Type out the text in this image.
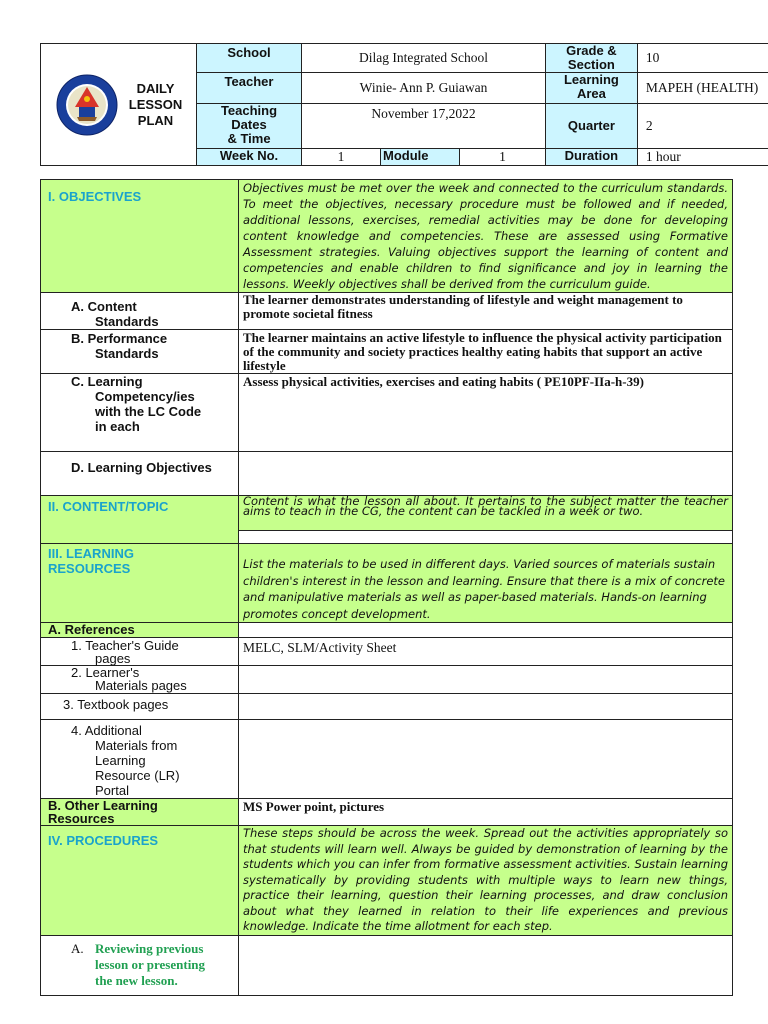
DAILY
LESSON
PLAN	School	Dilag Integrated School			Grade & Section	10

	Teacher	Winie- Ann P. Guiawan			Learning Area	MAPEH (HEALTH)

	Teaching
Dates
& Time	November 17,2022			Quarter	2
	Week No.	1	Module	1	Duration	1 hour
I. OBJECTIVES	Objectives must be met over the week and connected to the curriculum standards. To meet the objectives, necessary procedure must be followed and if needed, additional lessons, exercises, remedial activities may be done for developing content knowledge and competencies. These are assessed using Formative Assessment strategies. Valuing objectives support the learning of content and competencies and enable children to find significance and joy in learning the lessons. Weekly objectives shall be derived from the curriculum guide.

A. Content
Standards	The learner demonstrates understanding of lifestyle and weight management to promote societal fitness

B. Performance
Standards	The learner maintains an active lifestyle to influence the physical activity participation of the community and society practices healthy eating habits that support an active lifestyle

C. Learning
Competency/ies
with the LC Code
in each	Assess physical activities, exercises and eating habits ( PE10PF-IIa-h-39)

D. Learning Objectives	

II. CONTENT/TOPIC	Content is what the lesson all about. It pertains to the subject matter the teacher aims to teach in the CG, the content can be tackled in a week or two.

III. LEARNING
RESOURCES	List the materials to be used in different days. Varied sources of materials sustain children's interest in the lesson and learning. Ensure that there is a mix of concrete and manipulative materials as well as paper-based materials. Hands-on learning promotes concept development.

A. References	

1. Teacher's Guide
pages	MELC, SLM/Activity Sheet

2. Learner's
Materials pages	

3. Textbook pages	

4. Additional
Materials from
Learning
Resource (LR)
Portal	

B. Other Learning
Resources	MS Power point, pictures

IV. PROCEDURES	These steps should be across the week. Spread out the activities appropriately so that students will learn well. Always be guided by demonstration of learning by the students which you can infer from formative assessment activities. Sustain learning systematically by providing students with multiple ways to learn new things, practice their learning, question their learning processes, and draw conclusion about what they learned in relation to their life experiences and previous knowledge. Indicate the time allotment for each step.

A. Reviewing previous
lesson or presenting
the new lesson.	
